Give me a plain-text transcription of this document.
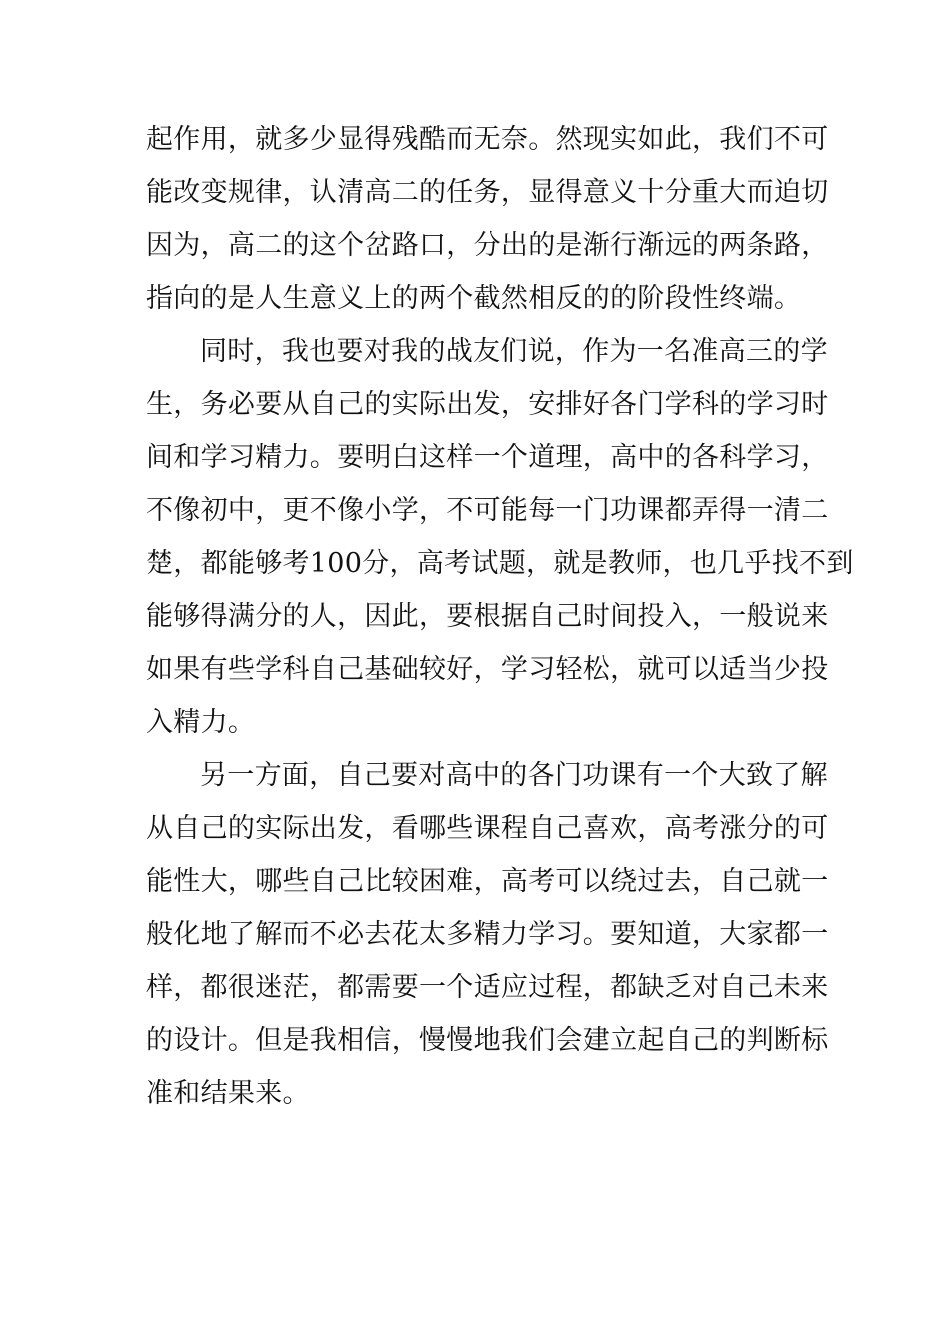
起作用，就多少显得残酷而无奈。然现实如此，我们不可

能改变规律，认清高二的任务，显得意义十分重大而迫切

因为，高二的这个岔路口，分出的是渐行渐远的两条路，

指向的是人生意义上的两个截然相反的的阶段性终端。

同时，我也要对我的战友们说，作为一名准高三的学

生，务必要从自己的实际出发，安排好各门学科的学习时

间和学习精力。要明白这样一个道理，高中的各科学习，

不像初中，更不像小学，不可能每一门功课都弄得一清二

楚，都能够考100分，高考试题，就是教师，也几乎找不到

能够得满分的人，因此，要根据自己时间投入，一般说来

如果有些学科自己基础较好，学习轻松，就可以适当少投

入精力。

另一方面，自己要对高中的各门功课有一个大致了解

从自己的实际出发，看哪些课程自己喜欢，高考涨分的可

能性大，哪些自己比较困难，高考可以绕过去，自己就一

般化地了解而不必去花太多精力学习。要知道，大家都一

样，都很迷茫，都需要一个适应过程，都缺乏对自己未来

的设计。但是我相信，慢慢地我们会建立起自己的判断标

准和结果来。
